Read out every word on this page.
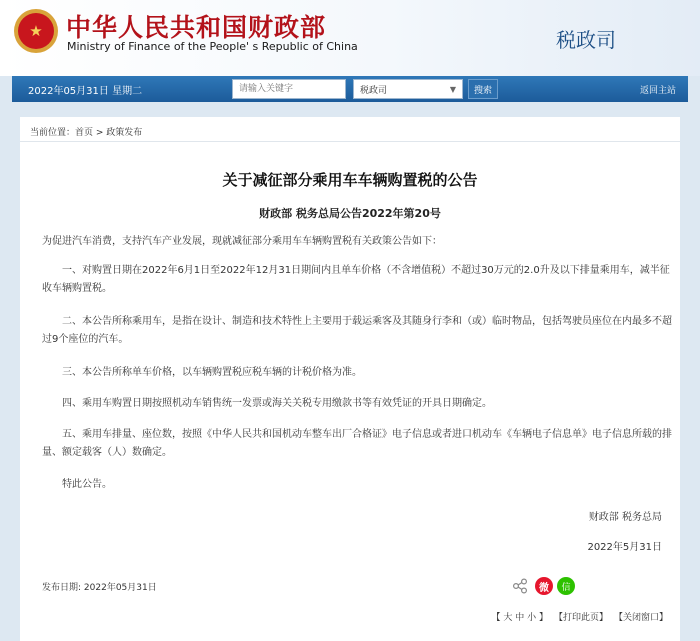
★ 中华人民共和国财政部
Ministry of Finance of the People' s Republic of China	税政司
2022年05月31日 星期二
请输入关键字	税政司	▼	搜索	返回主站
当前位置：首页 > 政策发布
关于减征部分乘用车车辆购置税的公告
财政部 税务总局公告2022年第20号

为促进汽车消费，支持汽车产业发展，现就减征部分乘用车车辆购置税有关政策公告如下：

一、对购置日期在2022年6月1日至2022年12月31日期间内且单车价格（不含增值税）不超过30万元的2.0升及以下排量乘用车，减半征收车辆购置税。

二、本公告所称乘用车，是指在设计、制造和技术特性上主要用于载运乘客及其随身行李和（或）临时物品，包括驾驶员座位在内最多不超过9个座位的汽车。

三、本公告所称单车价格，以车辆购置税应税车辆的计税价格为准。

四、乘用车购置日期按照机动车销售统一发票或海关关税专用缴款书等有效凭证的开具日期确定。

五、乘用车排量、座位数，按照《中华人民共和国机动车整车出厂合格证》电子信息或者进口机动车《车辆电子信息单》电子信息所载的排量、额定载客（人）数确定。

特此公告。

财政部 税务总局
2022年5月31日
发布日期: 2022年05月31日	微	信
【 大 中 小 】 【打印此页】 【关闭窗口】
